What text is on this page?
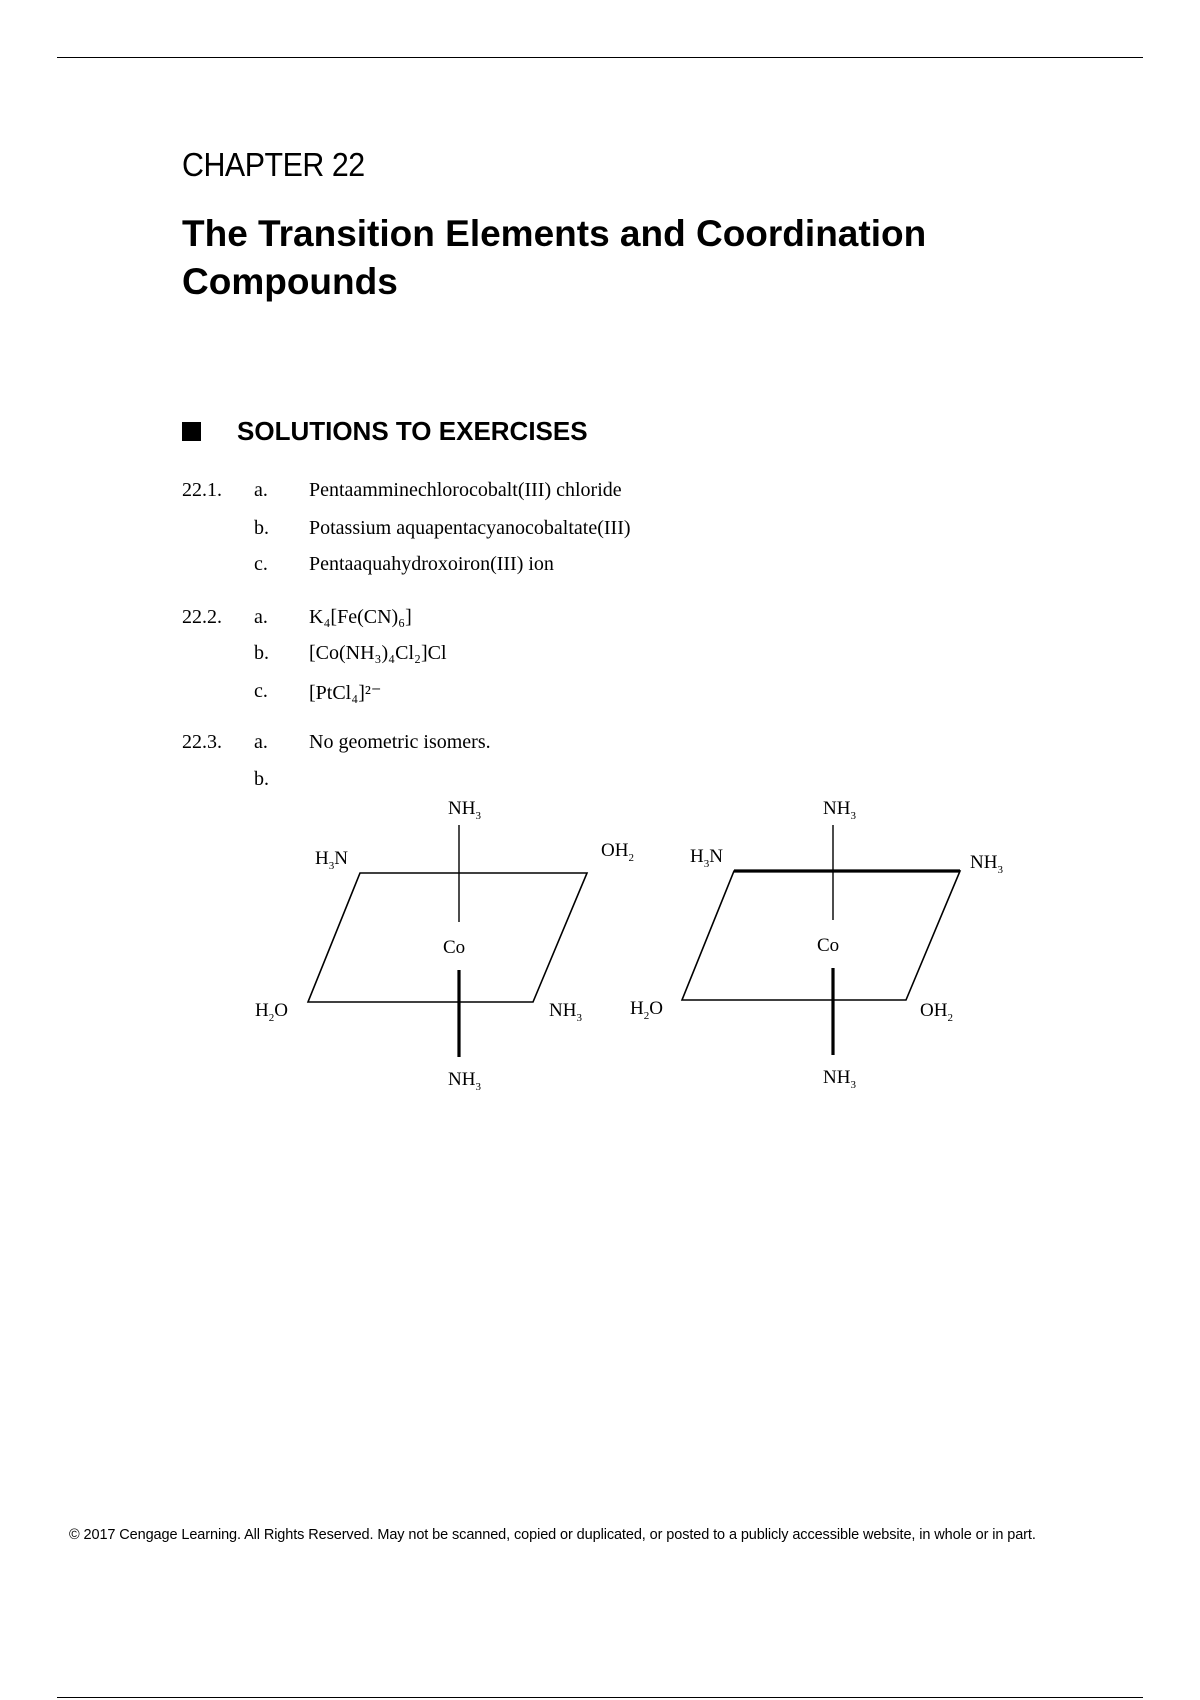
CHAPTER 22
The Transition Elements and Coordination Compounds
SOLUTIONS TO EXERCISES
22.1. a. Pentaamminechlorocobalt(III) chloride
b. Potassium aquapentacyanocobaltate(III)
c. Pentaaquahydroxoiron(III) ion
22.2. a. K₄[Fe(CN)₆]
b. [Co(NH₃)₄Cl₂]Cl
c. [PtCl₄]²⁻
22.3. a. No geometric isomers.
b.
$NH_3$
$H_3N$	$OH_2$
Co
$H_2O$	$NH_3$
$NH_3$
$NH_3$
$H_3N$	$NH_3$
Co
$H_2O$	$OH_2$
$NH_3$
© 2017 Cengage Learning. All Rights Reserved. May not be scanned, copied or duplicated, or posted to a publicly accessible website, in whole or in part.
